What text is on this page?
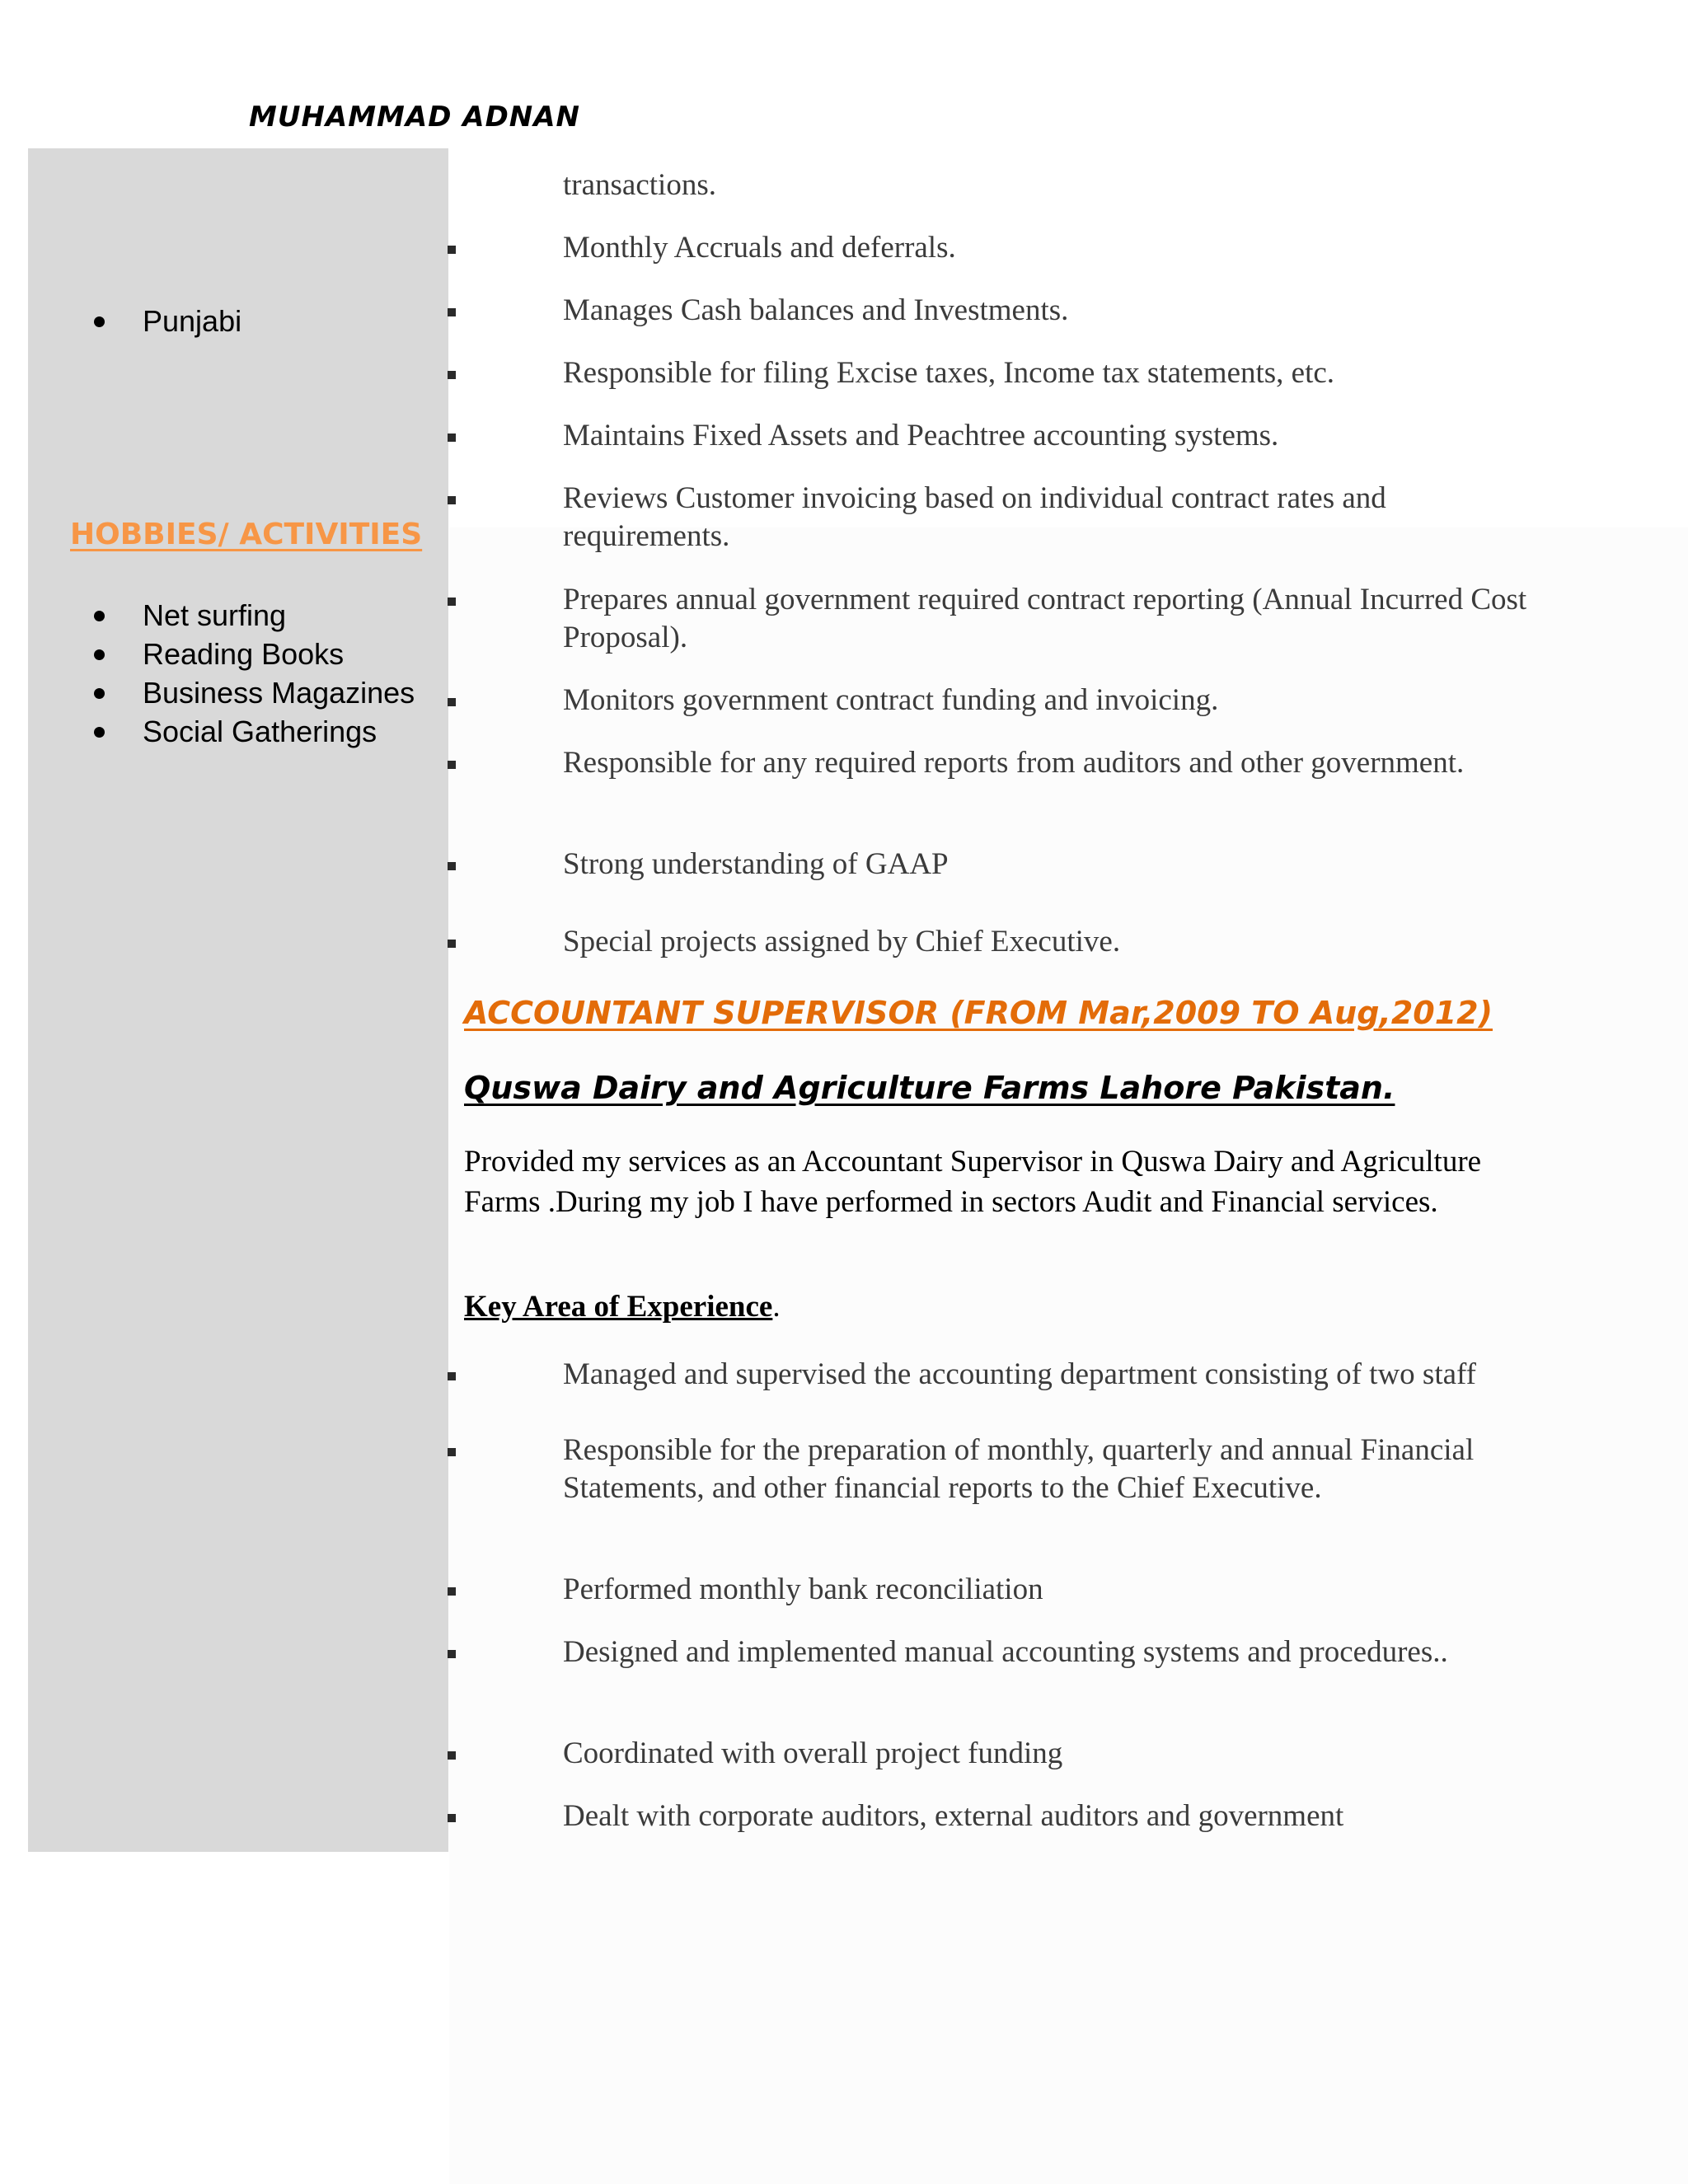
MUHAMMAD ADNAN
Punjabi
HOBBIES/ ACTIVITIES
Net surfing
Reading Books
Business Magazines
Social Gatherings
transactions.
Monthly Accruals and deferrals.
Manages Cash balances and Investments.
Responsible for filing Excise taxes, Income tax statements, etc.
Maintains Fixed Assets and Peachtree accounting systems.
Reviews Customer invoicing based on individual contract rates and requirements.
Prepares annual government required contract reporting (Annual Incurred Cost Proposal).
Monitors government contract funding and invoicing.
Responsible for any required reports from auditors and other government.
Strong understanding of GAAP
Special projects assigned by Chief Executive.
ACCOUNTANT SUPERVISOR (FROM Mar,2009 TO Aug,2012)
Quswa Dairy and Agriculture Farms Lahore Pakistan.
Provided my services as an Accountant Supervisor in Quswa Dairy and Agriculture Farms .During my job I have performed in sectors Audit and Financial services.
Key Area of Experience.
Managed and supervised the accounting department consisting of two staff
Responsible for the preparation of monthly, quarterly and annual Financial Statements, and other financial reports to the Chief Executive.
Performed monthly bank reconciliation
Designed and implemented manual accounting systems and procedures..
Coordinated with overall project funding
Dealt with corporate auditors, external auditors and government
